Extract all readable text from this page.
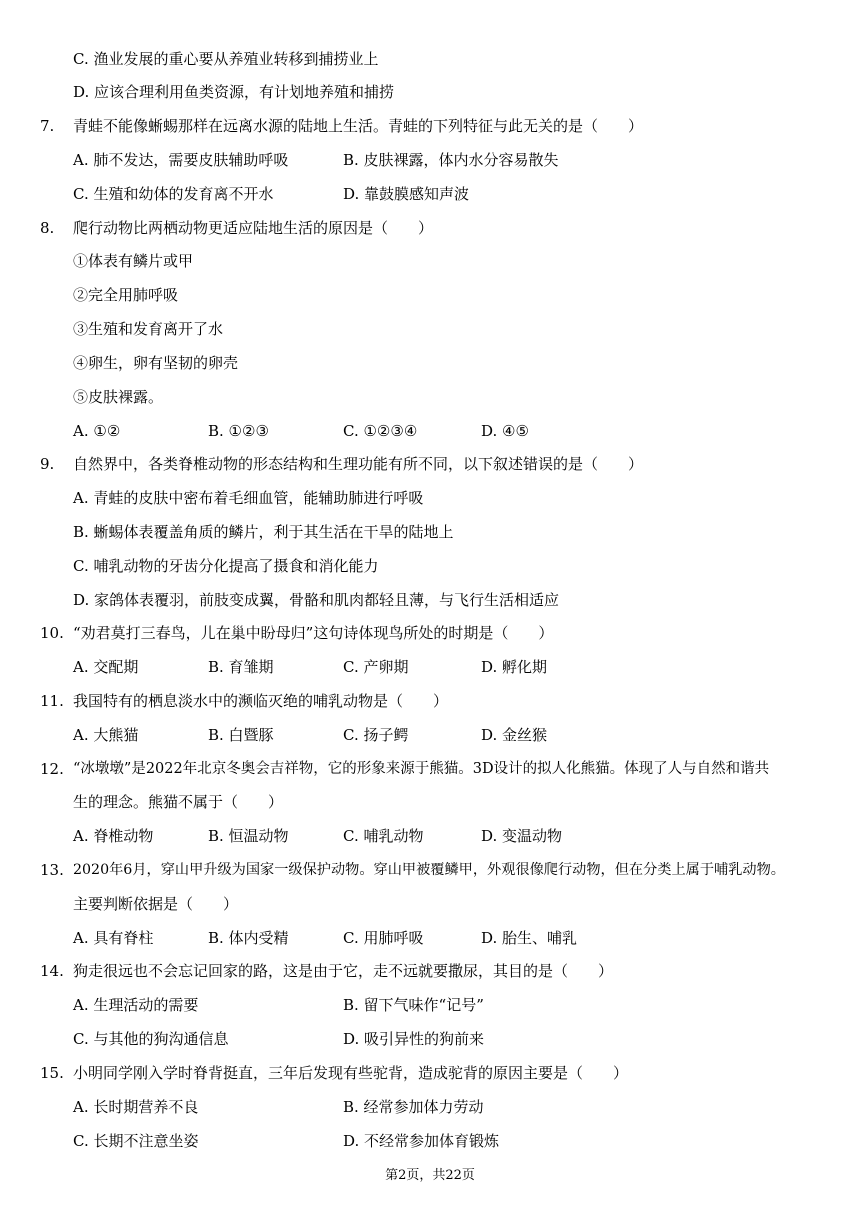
C. 渔业发展的重心要从养殖业转移到捕捞业上
D. 应该合理利用鱼类资源，有计划地养殖和捕捞
7. 青蛙不能像蜥蜴那样在远离水源的陆地上生活。青蛙的下列特征与此无关的是（　　）
A. 肺不发达，需要皮肤辅助呼吸	B. 皮肤裸露，体内水分容易散失
C. 生殖和幼体的发育离不开水	D. 靠鼓膜感知声波
8. 爬行动物比两栖动物更适应陆地生活的原因是（　　）
①体表有鳞片或甲
②完全用肺呼吸
③生殖和发育离开了水
④卵生，卵有坚韧的卵壳
⑤皮肤裸露。
A. ①②	B. ①②③	C. ①②③④	D. ④⑤
9. 自然界中，各类脊椎动物的形态结构和生理功能有所不同，以下叙述错误的是（　　）
A. 青蛙的皮肤中密布着毛细血管，能辅助肺进行呼吸
B. 蜥蜴体表覆盖角质的鳞片，利于其生活在干旱的陆地上
C. 哺乳动物的牙齿分化提高了摄食和消化能力
D. 家鸽体表覆羽，前肢变成翼，骨骼和肌肉都轻且薄，与飞行生活相适应
10. “劝君莫打三春鸟，儿在巢中盼母归”这句诗体现鸟所处的时期是（　　）
A. 交配期	B. 育雏期	C. 产卵期	D. 孵化期
11. 我国特有的栖息淡水中的濒临灭绝的哺乳动物是（　　）
A. 大熊猫	B. 白暨豚	C. 扬子鳄	D. 金丝猴
12. “冰墩墩”是2022年北京冬奥会吉祥物，它的形象来源于熊猫。3D设计的拟人化熊猫。体现了人与自然和谐共
生的理念。熊猫不属于（　　）
A. 脊椎动物	B. 恒温动物	C. 哺乳动物	D. 变温动物
13. 2020年6月，穿山甲升级为国家一级保护动物。穿山甲被覆鳞甲，外观很像爬行动物，但在分类上属于哺乳动物。
主要判断依据是（　　）
A. 具有脊柱	B. 体内受精	C. 用肺呼吸	D. 胎生、哺乳
14. 狗走很远也不会忘记回家的路，这是由于它，走不远就要撒尿，其目的是（　　）
A. 生理活动的需要	B. 留下气味作“记号”
C. 与其他的狗沟通信息	D. 吸引异性的狗前来
15. 小明同学刚入学时脊背挺直，三年后发现有些驼背，造成驼背的原因主要是（　　）
A. 长时期营养不良	B. 经常参加体力劳动
C. 长期不注意坐姿	D. 不经常参加体育锻炼
第2页，共22页
